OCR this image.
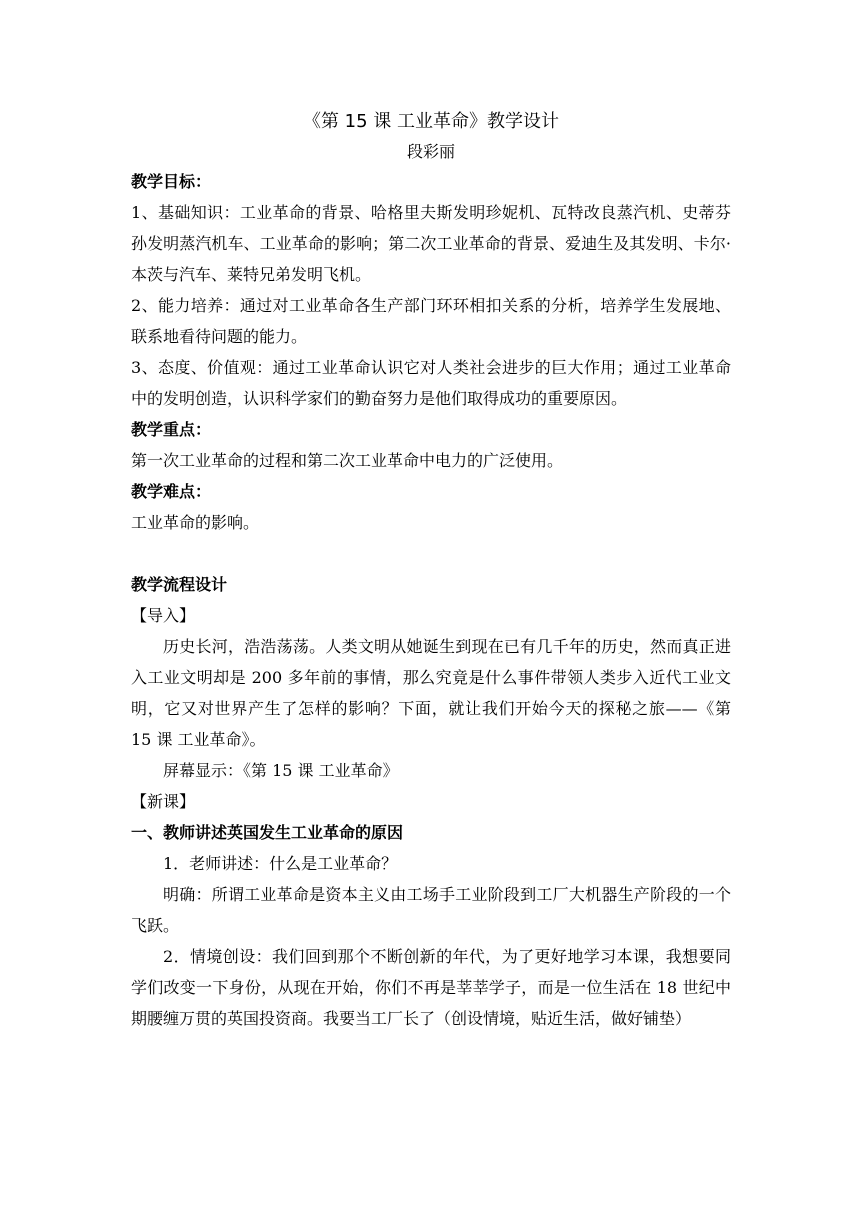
《第 15 课 工业革命》教学设计

段彩丽

教学目标：

1、基础知识：工业革命的背景、哈格里夫斯发明珍妮机、瓦特改良蒸汽机、史蒂芬孙发明蒸汽机车、工业革命的影响；第二次工业革命的背景、爱迪生及其发明、卡尔·本茨与汽车、莱特兄弟发明飞机。

2、能力培养：通过对工业革命各生产部门环环相扣关系的分析，培养学生发展地、联系地看待问题的能力。

3、态度、价值观：通过工业革命认识它对人类社会进步的巨大作用；通过工业革命中的发明创造，认识科学家们的勤奋努力是他们取得成功的重要原因。

教学重点：

第一次工业革命的过程和第二次工业革命中电力的广泛使用。

教学难点：

工业革命的影响。

教学流程设计

【导入】

历史长河，浩浩荡荡。人类文明从她诞生到现在已有几千年的历史，然而真正进入工业文明却是 200 多年前的事情，那么究竟是什么事件带领人类步入近代工业文明，它又对世界产生了怎样的影响？下面，就让我们开始今天的探秘之旅——《第 15 课 工业革命》。

屏幕显示：《第 15 课 工业革命》

【新课】

一、教师讲述英国发生工业革命的原因

1．老师讲述：什么是工业革命？

明确：所谓工业革命是资本主义由工场手工业阶段到工厂大机器生产阶段的一个飞跃。

2．情境创设：我们回到那个不断创新的年代，为了更好地学习本课，我想要同学们改变一下身份，从现在开始，你们不再是莘莘学子，而是一位生活在 18 世纪中期腰缠万贯的英国投资商。我要当工厂长了（创设情境，贴近生活，做好铺垫）
